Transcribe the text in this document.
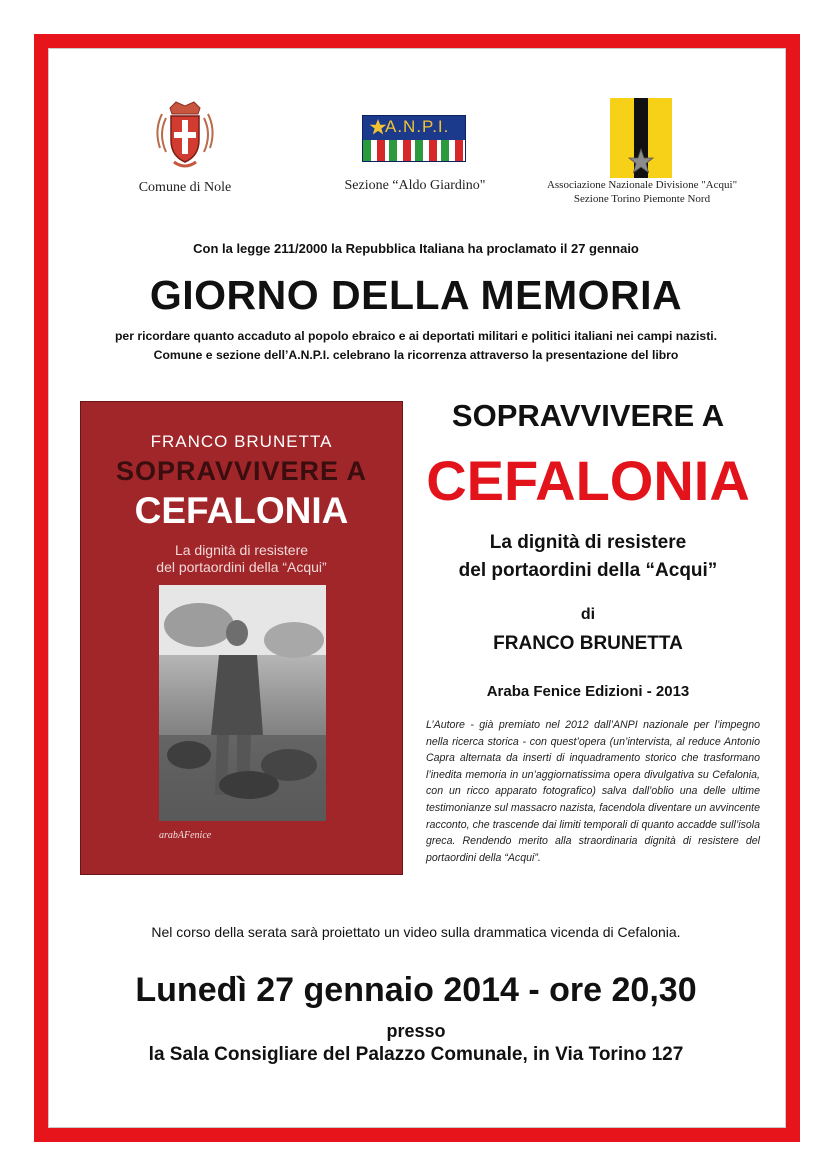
Comune di Nole
A.N.P.I.
Sezione “Aldo Giardino"	Associazione Nazionale Divisione "Acqui"
Sezione Torino Piemonte Nord
Con la legge 211/2000 la Repubblica Italiana ha proclamato il 27 gennaio
GIORNO DELLA MEMORIA
per ricordare quanto accaduto al popolo ebraico e ai deportati militari e politici italiani nei campi nazisti.
Comune e sezione dell’A.N.P.I. celebrano la ricorrenza attraverso la presentazione del libro
FRANCO BRUNETTA
SOPRAVVIVERE A
CEFALONIA
La dignità di resistere
del portaordini della “Acqui”
arabAFenice
SOPRAVVIVERE A
CEFALONIA
La dignità di resistere
del portaordini della “Acqui”
di
FRANCO BRUNETTA
Araba Fenice Edizioni - 2013
L’Autore - già premiato nel 2012 dall’ANPI nazionale per l’impegno nella ricerca storica - con quest’opera (un’intervista, al reduce Antonio Capra alternata da inserti di inquadramento storico che trasformano l’inedita memoria in un’aggiornatissima opera divulgativa su Cefalonia, con un ricco apparato fotografico) salva dall’oblio una delle ultime testimonianze sul massacro nazista, facendola diventare un avvincente racconto, che trascende dai limiti temporali di quanto accadde sull’isola greca. Rendendo merito alla straordinaria dignità di resistere del portaordini della “Acqui”.
Nel corso della serata sarà proiettato un video sulla drammatica vicenda di Cefalonia.
Lunedì 27 gennaio 2014 - ore 20,30
presso
la Sala Consigliare del Palazzo Comunale, in Via Torino 127
